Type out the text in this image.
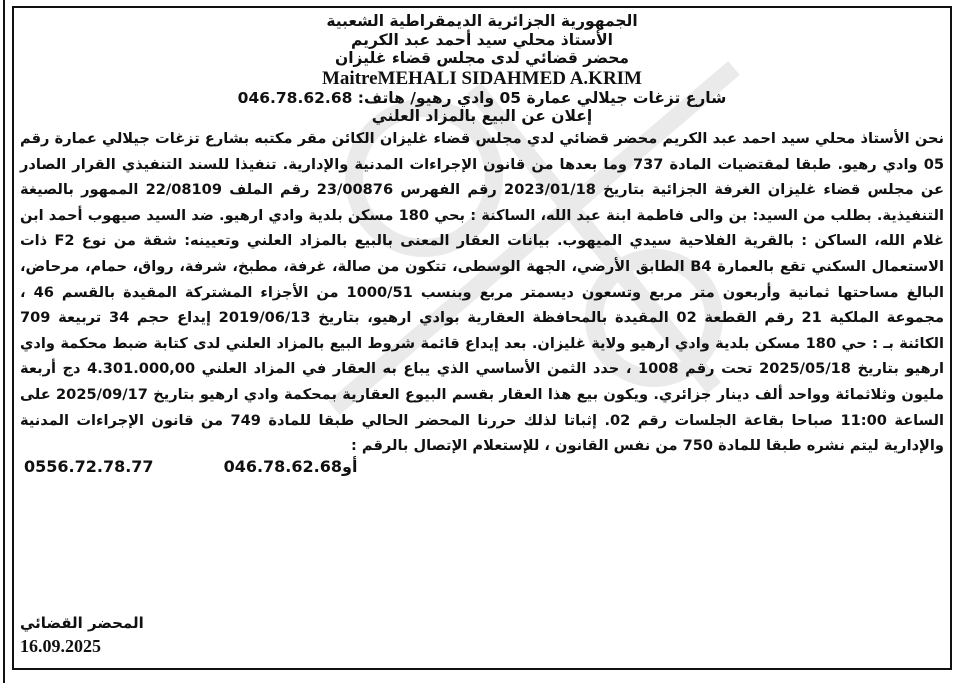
الجمهورية الجزائرية الديمقراطية الشعبية
الأستاذ محلي سيد أحمد عبد الكريم
محضر قضائي لدى مجلس قضاء غليزان
MaitreMEHALI SIDAHMED A.KRIM
شارع تزغات جيلالي عمارة 05 وادي رهيو/ هاتف: 046.78.62.68
إعلان عن البيع بالمزاد العلني
نحن الأستاذ محلي سيد احمد عبد الكريم محضر قضائي لدي مجلس قضاء غليزان الكائن مقر مكتبه بشارع تزغات جيلالي عمارة رقم 05 وادي رهيو. طبقا لمقتضيات المادة 737 وما بعدها من قانون الإجراءات المدنية والإدارية. تنفيذا للسند التنفيذي القرار الصادر عن مجلس قضاء غليزان الغرفة الجزائية بتاريخ 2023/01/18 رقم الفهرس 23/00876 رقم الملف 22/08109 الممهور بالصيغة التنفيذية. بطلب من السيد: بن والى فاطمة ابنة عبد الله، الساكنة : بحي 180 مسكن بلدية وادي ارهيو. ضد السيد صيهوب أحمد ابن غلام الله، الساكن : بالقرية الفلاحية سيدي الميهوب. بيانات العقار المعنى بالبيع بالمزاد العلني وتعيينه: شقة من نوع F2 ذات الاستعمال السكني تقع بالعمارة B4 الطابق الأرضي، الجهة الوسطى، تتكون من صالة، غرفة، مطبخ، شرفة، رواق، حمام، مرحاض، البالغ مساحتها ثمانية وأربعون متر مربع وتسعون ديسمتر مربع وبنسب 1000/51 من الأجزاء المشتركة المقيدة بالقسم 46 ، مجموعة الملكية 21 رقم القطعة 02 المقيدة بالمحافظة العقارية بوادي ارهيو، بتاريخ 2019/06/13 إيداع حجم 34 تربيعة 709 الكائنة بـ : حي 180 مسكن بلدية وادي ارهيو ولاية غليزان. بعد إيداع قائمة شروط البيع بالمزاد العلني لدى كتابة ضبط محكمة وادي ارهيو بتاريخ 2025/05/18 تحت رقم 1008 ، حدد الثمن الأساسي الذي يباع به العقار في المزاد العلني 4.301.000,00 دج أربعة مليون وثلاثمائة وواحد ألف دينار جزائري. ويكون بيع هذا العقار بقسم البيوع العقارية بمحكمة وادي ارهيو بتاريخ 2025/09/17 على الساعة 11:00 صباحا بقاعة الجلسات رقم 02. إثباتا لذلك حررنا المحضر الحالي طبقا للمادة 749 من قانون الإجراءات المدنية والإدارية ليتم نشره طبقا للمادة 750 من نفس القانون ، للإستعلام الإتصال بالرقم :
0556.72.78.77	أو046.78.62.68
المحضر القضائي
16.09.2025
